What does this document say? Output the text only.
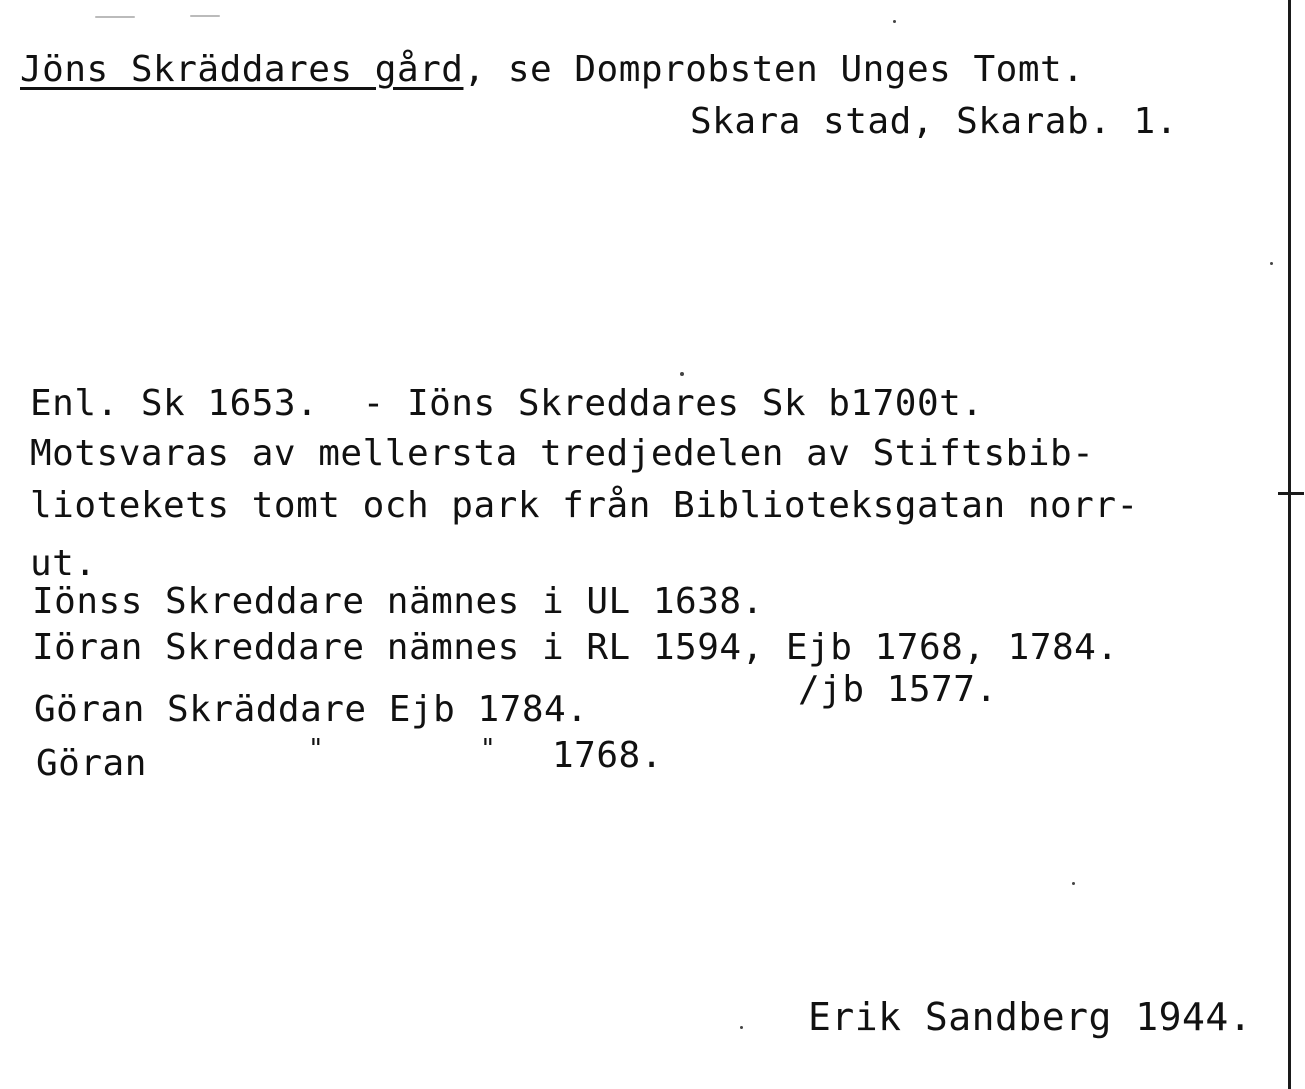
Jöns Skräddares gård, se Domprobsten Unges Tomt.
Skara stad, Skarab. 1.
Enl. Sk 1653.  - Iöns Skreddares Sk b1700t.
Motsvaras av mellersta tredjedelen av Stiftsbib-
liotekets tomt och park från Biblioteksgatan norr-
ut.
Iönss Skreddare nämnes i UL 1638.
Iöran Skreddare nämnes i RL 1594, Ejb 1768, 1784.
Göran Skräddare Ejb 1784.	/jb 1577.
Göran	"	" 1768.
Erik Sandberg 1944.
